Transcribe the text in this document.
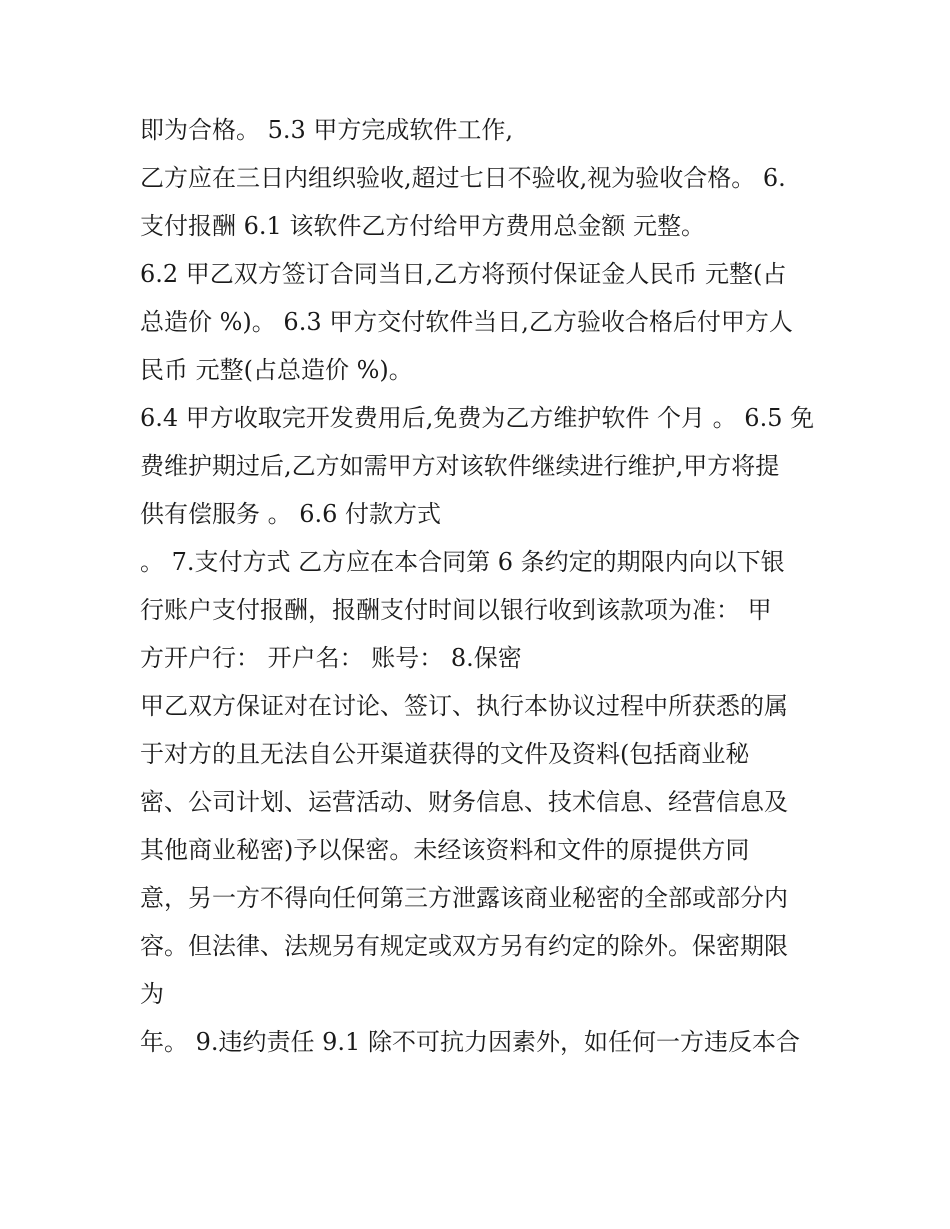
即为合格。 5.3 甲方完成软件工作,
乙方应在三日内组织验收,超过七日不验收,视为验收合格。 6.
支付报酬 6.1 该软件乙方付给甲方费用总金额 元整。
6.2 甲乙双方签订合同当日,乙方将预付保证金人民币 元整(占
总造价 %)。 6.3 甲方交付软件当日,乙方验收合格后付甲方人
民币 元整(占总造价 %)。
6.4 甲方收取完开发费用后,免费为乙方维护软件 个月 。 6.5 免
费维护期过后,乙方如需甲方对该软件继续进行维护,甲方将提
供有偿服务 。 6.6 付款方式
。 7.支付方式 乙方应在本合同第 6 条约定的期限内向以下银
行账户支付报酬，报酬支付时间以银行收到该款项为准： 甲
方开户行： 开户名： 账号： 8.保密
甲乙双方保证对在讨论、签订、执行本协议过程中所获悉的属
于对方的且无法自公开渠道获得的文件及资料(包括商业秘
密、公司计划、运营活动、财务信息、技术信息、经营信息及
其他商业秘密)予以保密。未经该资料和文件的原提供方同
意，另一方不得向任何第三方泄露该商业秘密的全部或部分内
容。但法律、法规另有规定或双方另有约定的除外。保密期限
为
年。 9.违约责任 9.1 除不可抗力因素外，如任何一方违反本合
